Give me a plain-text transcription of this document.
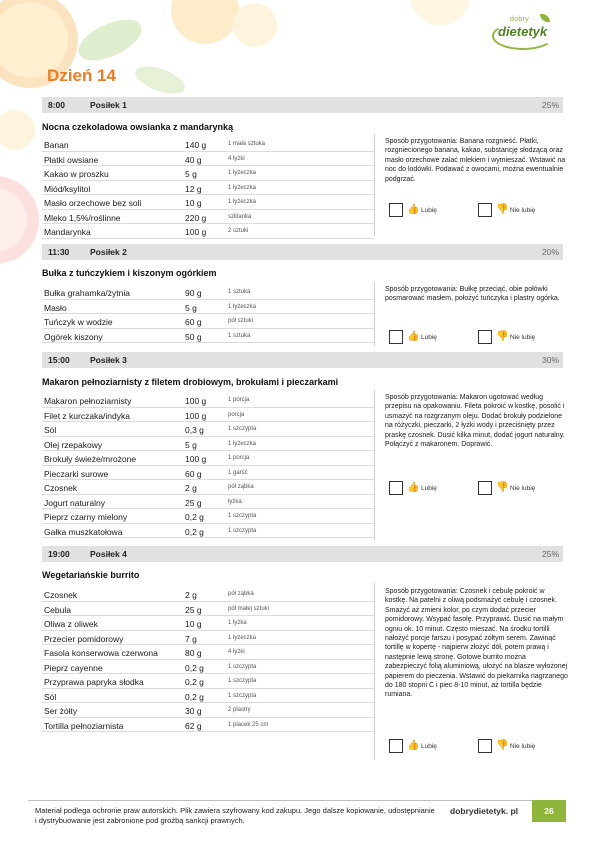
dobry
dietetyk
Dzień 14
8:00	Posiłek 1	25%
Nocna czekoladowa owsianka z mandarynką
Banan	140 g	1 mała sztuka
Płatki owsiane	40 g	4 łyżki
Kakao w proszku	5 g	1 łyżeczka
Miód/ksylitol	12 g	1 łyżeczka
Masło orzechowe bez soli	10 g	1 łyżeczka
Mleko 1,5%/roślinne	220 g	szklanka
Mandarynka	100 g	2 sztuki
Sposób przygotowania: Banana rozgnieść. Płatki, rozgniecionego banana, kakao, substancję słodzącą oraz masło orzechowe zalać mlekiem i wymieszać. Wstawić na noc do lodówki. Podawać z owocami, można ewentualnie podgrzać.
👍 Lubię	👎 Nie lubię
11:30 Posiłek 2	20%
Bułka z tuńczykiem i kiszonym ogórkiem
Bułka grahamka/żytnia	90 g	1 sztuka
Masło	5 g	1 łyżeczka
Tuńczyk w wodzie	60 g	pół sztuki
Ogórek kiszony	50 g	1 sztuka
Sposób przygotowania: Bułkę przeciąć, obie połówki posmarować masłem, położyć tuńczyka i plastry ogórka.
👍 Lubię	👎 Nie lubię
15:00 Posiłek 3	30%
Makaron pełnoziarnisty z filetem drobiowym, brokułami i pieczarkami
Makaron pełnoziarnisty	100 g	1 porcja
Filet z kurczaka/indyka	100 g	porcja
Sól	0,3 g	1 szczypta
Olej rzepakowy	5 g	1 łyżeczka
Brokuły świeże/mrożone	100 g	1 porcja
Pieczarki surowe	60 g	1 garść
Czosnek	2 g	pół ząbka
Jogurt naturalny	25 g	łyżka
Pieprz czarny mielony	0,2 g	1 szczypta
Gałka muszkatołowa	0,2 g	1 szczypta
Sposób przygotowania: Makaron ugotować według przepisu na opakowaniu. Fileta pokroić w kostkę, posolić i usmażyć na rozgrzanym oleju. Dodać brokuły podzielone na różyczki, pieczarki, 2 łyżki wody i przeciśnięty przez praskę czosnek. Dusić kilka minut, dodać jogurt naturalny. Połączyć z makaronem. Doprawić.
👍 Lubię	👎 Nie lubię
19:00 Posiłek 4	25%
Wegetariańskie burrito
Czosnek	2 g	pół ząbka
Cebula	25 g	pół małej sztuki
Oliwa z oliwek	10 g	1 łyżka
Przecier pomidorowy	7 g	1 łyżeczka
Fasola konserwowa czerwona	80 g	4 łyżki
Pieprz cayenne	0,2 g	1 szczypta
Przyprawa papryka słodka	0,2 g	1 szczypta
Sól	0,2 g	1 szczypta
Ser żółty	30 g	2 plastry
Tortilla pełnoziarnista	62 g	1 placek 25 cm
Sposób przygotowania: Czosnek i cebulę pokroić w kostkę. Na patelni z oliwą podsmażyć cebulę i czosnek. Smażyć aż zmieni kolor, po czym dodać przecier pomidorowy. Wsypać fasolę. Przyprawić. Dusić na małym ogniu ok. 10 minut. Często mieszać. Na środku tortilli nałożyć porcje farszu i posypać żółtym serem. Zawinąć tortillę w kopertę - najpierw złożyć dół, potem prawą i następnie lewą stronę. Gotowe burrito można zabezpieczyć folią aluminiową, ułożyć na blasze wyłożonej papierem do pieczenia. Wstawić do piekarnika nagrzanego do 180 stopni C i piec 8-10 minut, aż tortilla będzie rumiana.
👍 Lubię	👎 Nie lubię
Materiał podlega ochronie praw autorskich. Plik zawiera szyfrowany kod zakupu. Jego dalsze kopiowanie, udostępnianie i dystrybuowanie jest zabronione pod groźbą sankcji prawnych.
dobrydietetyk. pl	26
